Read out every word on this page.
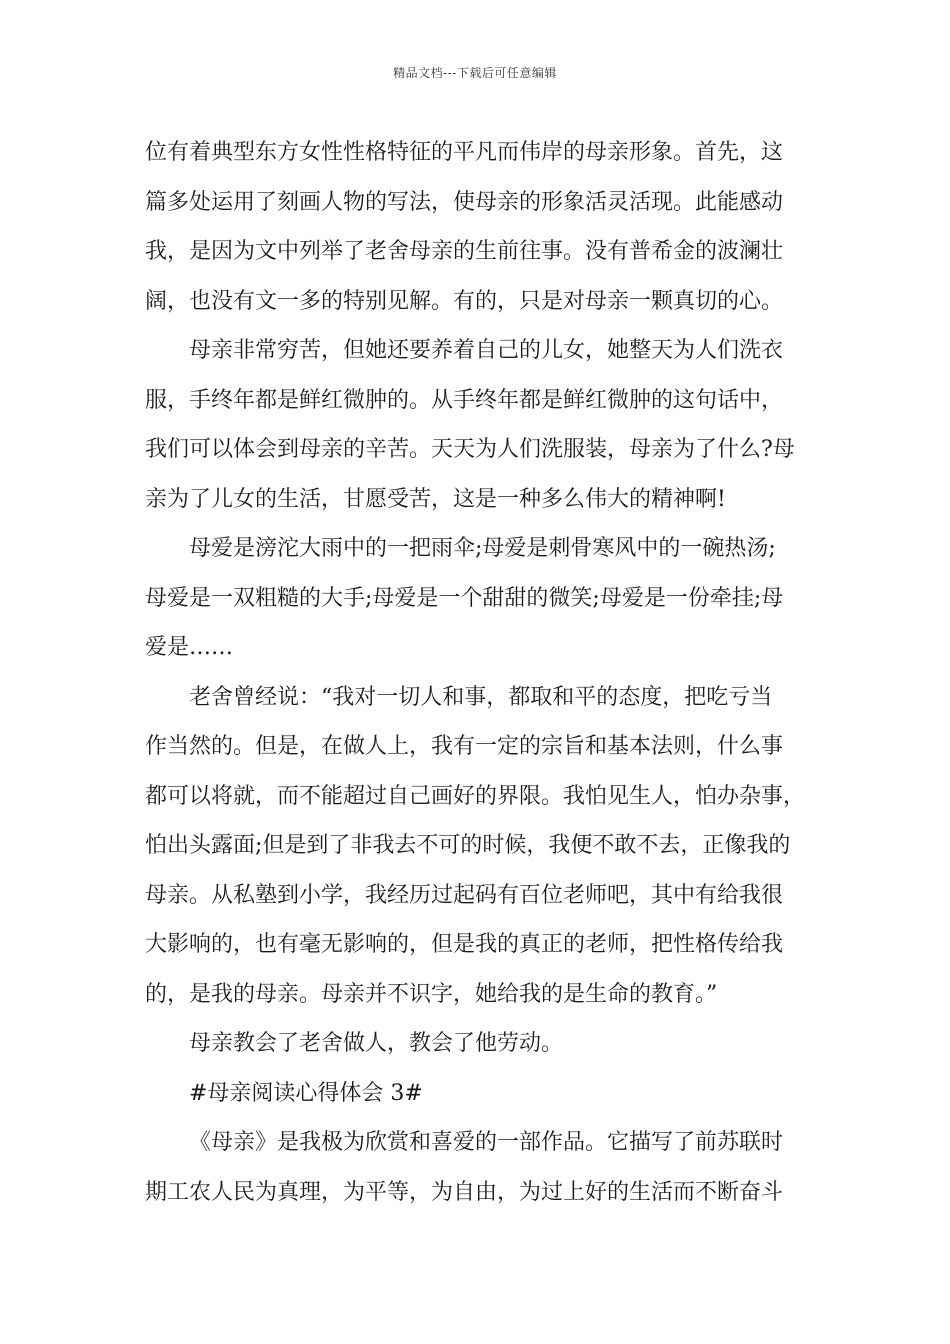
精品文档---下载后可任意编辑
位有着典型东方女性性格特征的平凡而伟岸的母亲形象。首先，这
篇多处运用了刻画人物的写法，使母亲的形象活灵活现。此能感动
我，是因为文中列举了老舍母亲的生前往事。没有普希金的波澜壮
阔，也没有文一多的特别见解。有的，只是对母亲一颗真切的心。
母亲非常穷苦，但她还要养着自己的儿女，她整天为人们洗衣
服，手终年都是鲜红微肿的。从手终年都是鲜红微肿的这句话中，
我们可以体会到母亲的辛苦。天天为人们洗服装，母亲为了什么?母
亲为了儿女的生活，甘愿受苦，这是一种多么伟大的精神啊!
母爱是滂沱大雨中的一把雨伞;母爱是刺骨寒风中的一碗热汤;
母爱是一双粗糙的大手;母爱是一个甜甜的微笑;母爱是一份牵挂;母
爱是……
老舍曾经说：“我对一切人和事，都取和平的态度，把吃亏当
作当然的。但是，在做人上，我有一定的宗旨和基本法则，什么事
都可以将就，而不能超过自己画好的界限。我怕见生人，怕办杂事，
怕出头露面;但是到了非我去不可的时候，我便不敢不去，正像我的
母亲。从私塾到小学，我经历过起码有百位老师吧，其中有给我很
大影响的，也有毫无影响的，但是我的真正的老师，把性格传给我
的，是我的母亲。母亲并不识字，她给我的是生命的教育。”
母亲教会了老舍做人，教会了他劳动。
#母亲阅读心得体会 3#
《母亲》是我极为欣赏和喜爱的一部作品。它描写了前苏联时
期工农人民为真理，为平等，为自由，为过上好的生活而不断奋斗
